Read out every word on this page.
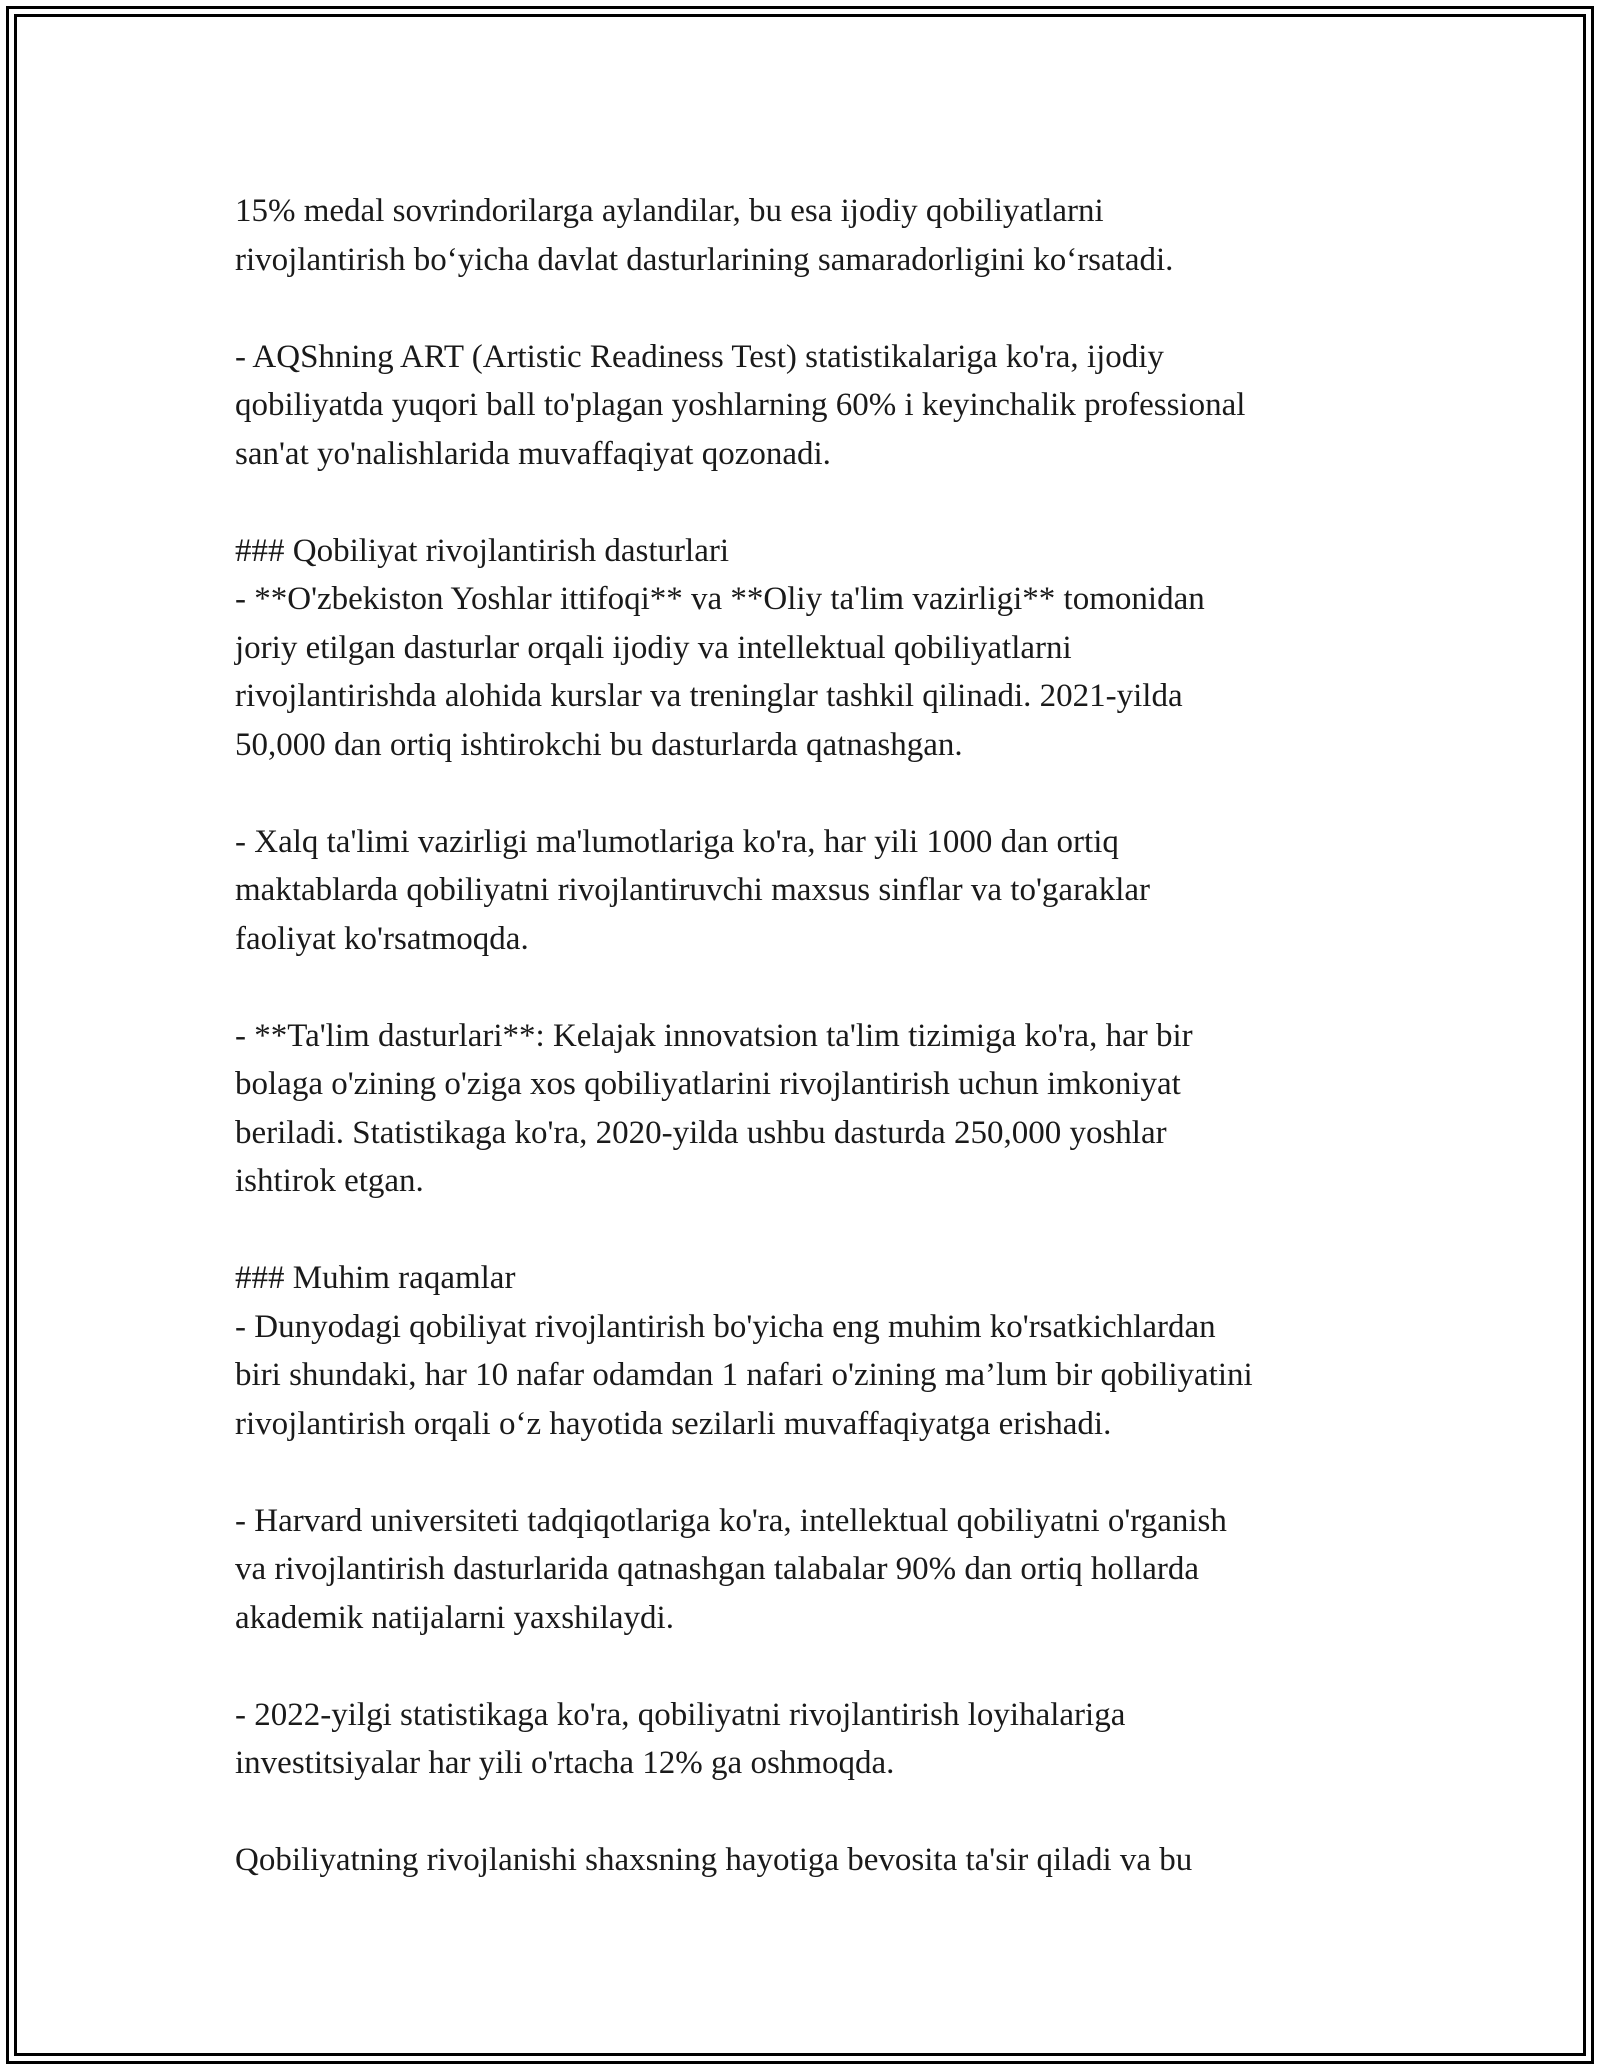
15% medal sovrindorilarga aylandilar, bu esa ijodiy qobiliyatlarni
rivojlantirish bo‘yicha davlat dasturlarining samaradorligini ko‘rsatadi.

- AQShning ART (Artistic Readiness Test) statistikalariga ko'ra, ijodiy
qobiliyatda yuqori ball to'plagan yoshlarning 60% i keyinchalik professional
san'at yo'nalishlarida muvaffaqiyat qozonadi.

### Qobiliyat rivojlantirish dasturlari

- **O'zbekiston Yoshlar ittifoqi** va **Oliy ta'lim vazirligi** tomonidan
joriy etilgan dasturlar orqali ijodiy va intellektual qobiliyatlarni
rivojlantirishda alohida kurslar va treninglar tashkil qilinadi. 2021-yilda
50,000 dan ortiq ishtirokchi bu dasturlarda qatnashgan.

- Xalq ta'limi vazirligi ma'lumotlariga ko'ra, har yili 1000 dan ortiq
maktablarda qobiliyatni rivojlantiruvchi maxsus sinflar va to'garaklar
faoliyat ko'rsatmoqda.

- **Ta'lim dasturlari**: Kelajak innovatsion ta'lim tizimiga ko'ra, har bir
bolaga o'zining o'ziga xos qobiliyatlarini rivojlantirish uchun imkoniyat
beriladi. Statistikaga ko'ra, 2020-yilda ushbu dasturda 250,000 yoshlar
ishtirok etgan.

### Muhim raqamlar

- Dunyodagi qobiliyat rivojlantirish bo'yicha eng muhim ko'rsatkichlardan
biri shundaki, har 10 nafar odamdan 1 nafari o'zining ma’lum bir qobiliyatini
rivojlantirish orqali o‘z hayotida sezilarli muvaffaqiyatga erishadi.

- Harvard universiteti tadqiqotlariga ko'ra, intellektual qobiliyatni o'rganish
va rivojlantirish dasturlarida qatnashgan talabalar 90% dan ortiq hollarda
akademik natijalarni yaxshilaydi.

- 2022-yilgi statistikaga ko'ra, qobiliyatni rivojlantirish loyihalariga
investitsiyalar har yili o'rtacha 12% ga oshmoqda.

Qobiliyatning rivojlanishi shaxsning hayotiga bevosita ta'sir qiladi va bu
